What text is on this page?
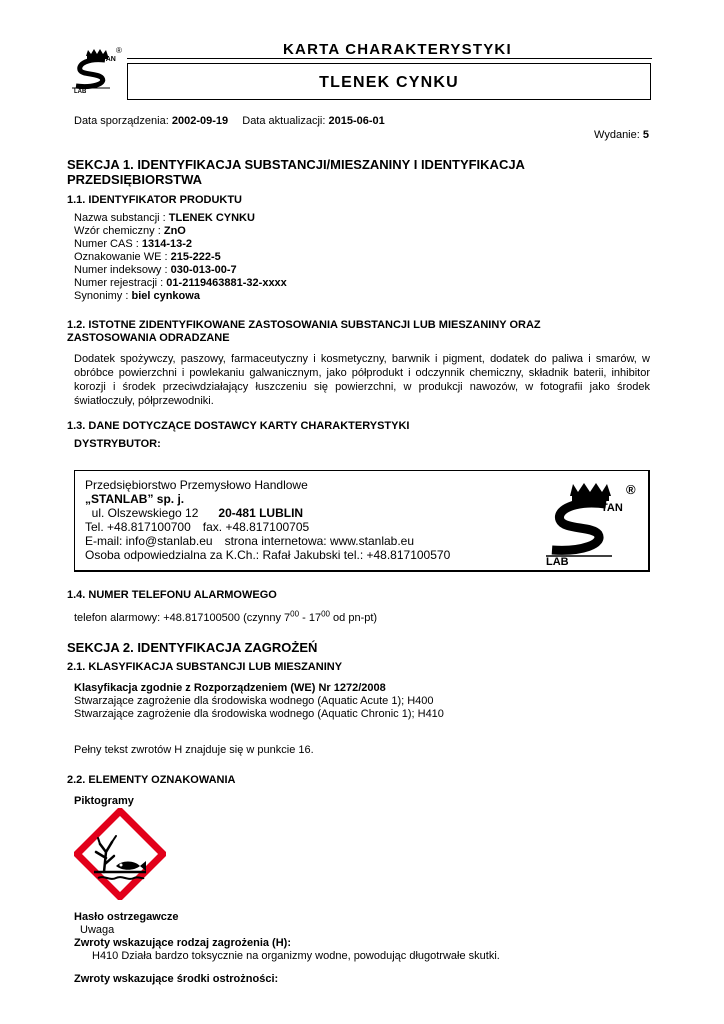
TAN
LAB
®	KARTA CHARAKTERYSTYKI
TLENEK CYNKU
Data sporządzenia: 2002-09-19 Data aktualizacji: 2015-06-01
Wydanie: 5
SEKCJA 1. IDENTYFIKACJA SUBSTANCJI/MIESZANINY I IDENTYFIKACJA
PRZEDSIĘBIORSTWA
1.1. IDENTYFIKATOR PRODUKTU
Nazwa substancji : TLENEK CYNKU
Wzór chemiczny : ZnO
Numer CAS : 1314-13-2
Oznakowanie WE : 215-222-5
Numer indeksowy : 030-013-00-7
Numer rejestracji : 01-2119463881-32-xxxx
Synonimy : biel cynkowa
1.2. ISTOTNE ZIDENTYFIKOWANE ZASTOSOWANIA SUBSTANCJI LUB MIESZANINY ORAZ
ZASTOSOWANIA ODRADZANE
Dodatek spożywczy, paszowy, farmaceutyczny i kosmetyczny, barwnik i pigment, dodatek do paliwa i smarów, w obróbce powierzchni i powlekaniu galwanicznym, jako półprodukt i odczynnik chemiczny, składnik baterii, inhibitor korozji i środek przeciwdziałający łuszczeniu się powierzchni, w produkcji nawozów, w fotografii jako środek światłoczuły, półprzewodniki.
1.3. DANE DOTYCZĄCE DOSTAWCY KARTY CHARAKTERYSTYKI
DYSTRYBUTOR:
Przedsiębiorstwo Przemysłowo Handlowe
„STANLAB” sp. j.
ul. Olszewskiego 12 20-481 LUBLIN
Tel. +48.817100700 fax. +48.817100705
E-mail: info@stanlab.eu strona internetowa: www.stanlab.eu
Osoba odpowiedzialna za K.Ch.: Rafał Jakubski tel.: +48.817100570
TAN
LAB
®
1.4. NUMER TELEFONU ALARMOWEGO
telefon alarmowy: +48.817100500 (czynny $7^{00} - 17^{00}$ od pn-pt)
SEKCJA 2. IDENTYFIKACJA ZAGROŻEŃ
2.1. KLASYFIKACJA SUBSTANCJI LUB MIESZANINY
Klasyfikacja zgodnie z Rozporządzeniem (WE) Nr 1272/2008
Stwarzające zagrożenie dla środowiska wodnego (Aquatic Acute 1); H400
Stwarzające zagrożenie dla środowiska wodnego (Aquatic Chronic 1); H410
Pełny tekst zwrotów H znajduje się w punkcie 16.
2.2. ELEMENTY OZNAKOWANIA
Piktogramy
Hasło ostrzegawcze
Uwaga
Zwroty wskazujące rodzaj zagrożenia (H):
H410 Działa bardzo toksycznie na organizmy wodne, powodując długotrwałe skutki.
Zwroty wskazujące środki ostrożności:
